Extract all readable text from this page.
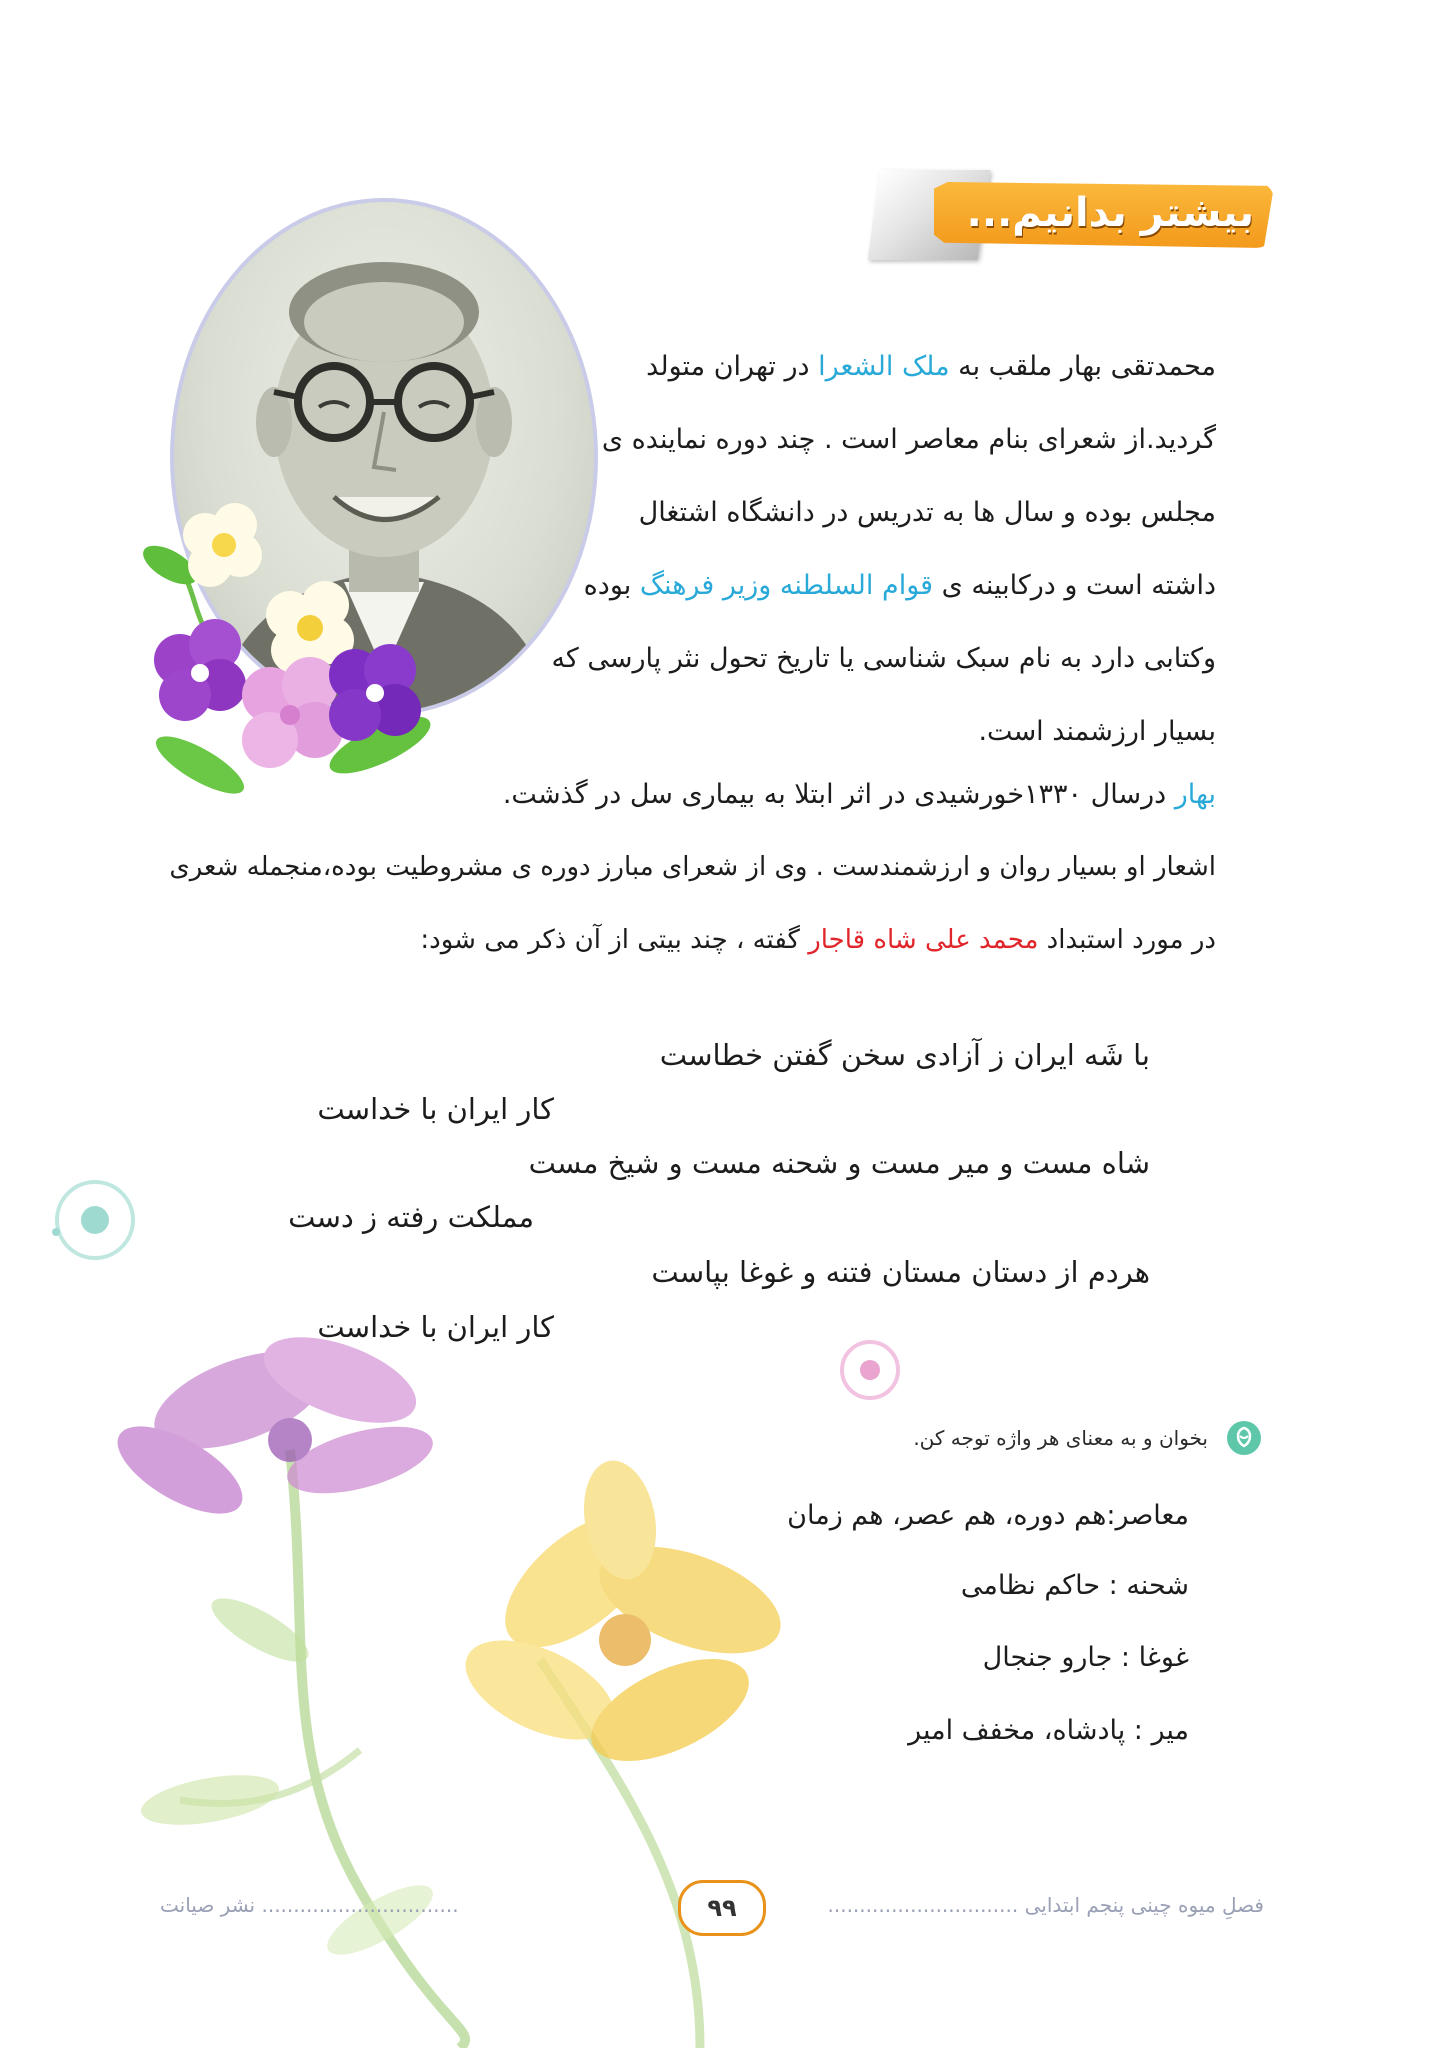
بیشتر بدانیم...
محمدتقی بهار ملقب به ملک الشعرا در تهران متولد
گردید.از شعرای بنام معاصر است . چند دوره نماینده ی
مجلس بوده و سال ها به تدریس در دانشگاه اشتغال
داشته است و درکابینه ی قوام السلطنه وزیر فرهنگ بوده
وکتابی دارد به نام سبک شناسی یا تاریخ تحول نثر پارسی که
بسیار ارزشمند است.
بهار درسال ۱۳۳۰خورشیدی در اثر ابتلا به بیماری سل در گذشت.
اشعار او بسیار روان و ارزشمندست . وی از شعرای مبارز دوره ی مشروطیت بوده،منجمله شعری
در مورد استبداد محمد علی شاه قاجار گفته ، چند بیتی از آن ذکر می شود:
با شَه ایران ز آزادی سخن گفتن خطاست
کار ایران با خداست
شاه مست و میر مست و شحنه مست و شیخ مست
مملکت رفته ز دست
هردم از دستان مستان فتنه و غوغا بپاست
کار ایران با خداست
بخوان و به معنای هر واژه توجه کن.
معاصر:هم دوره، هم عصر، هم زمان
شحنه : حاکم نظامی
غوغا : جارو جنجال
میر : پادشاه، مخفف امیر
نشر صیانت ...............................	۹۹	فصلِ میوه چینی پنجم ابتدایی ..............................
